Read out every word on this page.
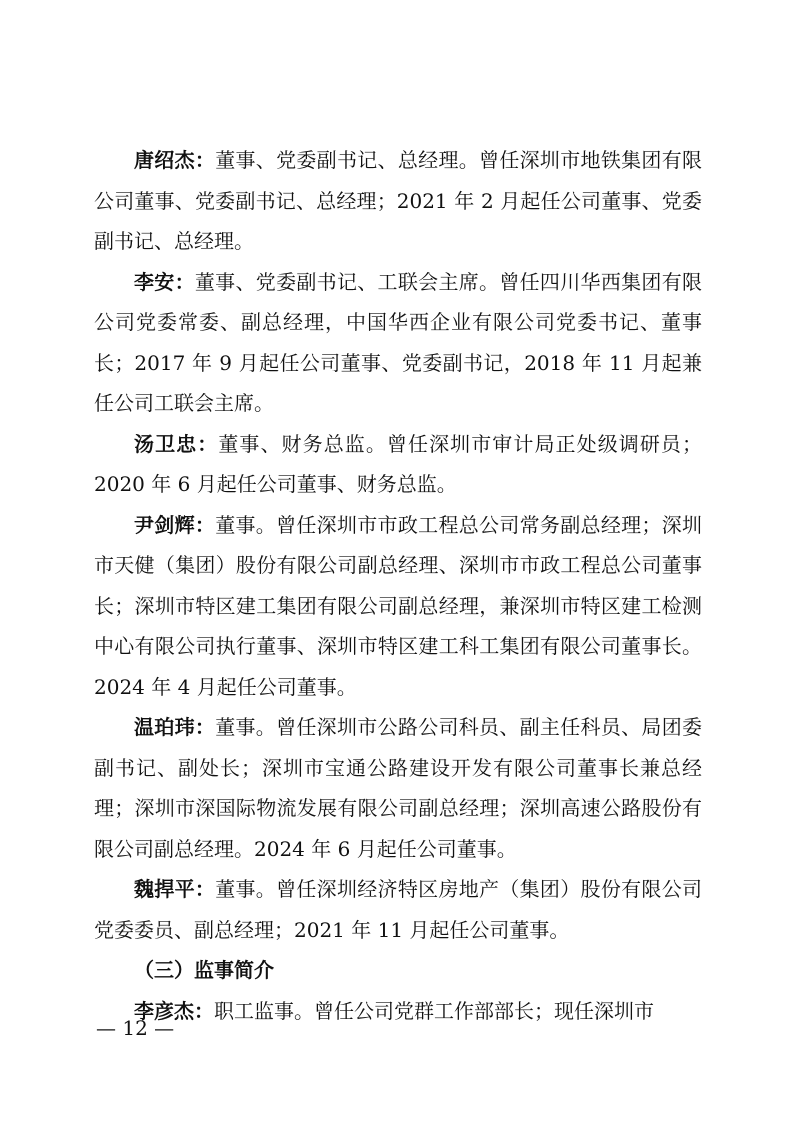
唐绍杰：董事、党委副书记、总经理。曾任深圳市地铁集团有限公司董事、党委副书记、总经理；2021 年 2 月起任公司董事、党委副书记、总经理。

李安：董事、党委副书记、工联会主席。曾任四川华西集团有限公司党委常委、副总经理，中国华西企业有限公司党委书记、董事长；2017 年 9 月起任公司董事、党委副书记，2018 年 11 月起兼任公司工联会主席。

汤卫忠：董事、财务总监。曾任深圳市审计局正处级调研员；2020 年 6 月起任公司董事、财务总监。

尹剑辉：董事。曾任深圳市市政工程总公司常务副总经理；深圳市天健（集团）股份有限公司副总经理、深圳市市政工程总公司董事长；深圳市特区建工集团有限公司副总经理，兼深圳市特区建工检测中心有限公司执行董事、深圳市特区建工科工集团有限公司董事长。2024 年 4 月起任公司董事。

温珀玮：董事。曾任深圳市公路公司科员、副主任科员、局团委副书记、副处长；深圳市宝通公路建设开发有限公司董事长兼总经理；深圳市深国际物流发展有限公司副总经理；深圳高速公路股份有限公司副总经理。2024 年 6 月起任公司董事。

魏捍平：董事。曾任深圳经济特区房地产（集团）股份有限公司党委委员、副总经理；2021 年 11 月起任公司董事。

（三）监事简介

李彦杰：职工监事。曾任公司党群工作部部长；现任深圳市

— 12 —
